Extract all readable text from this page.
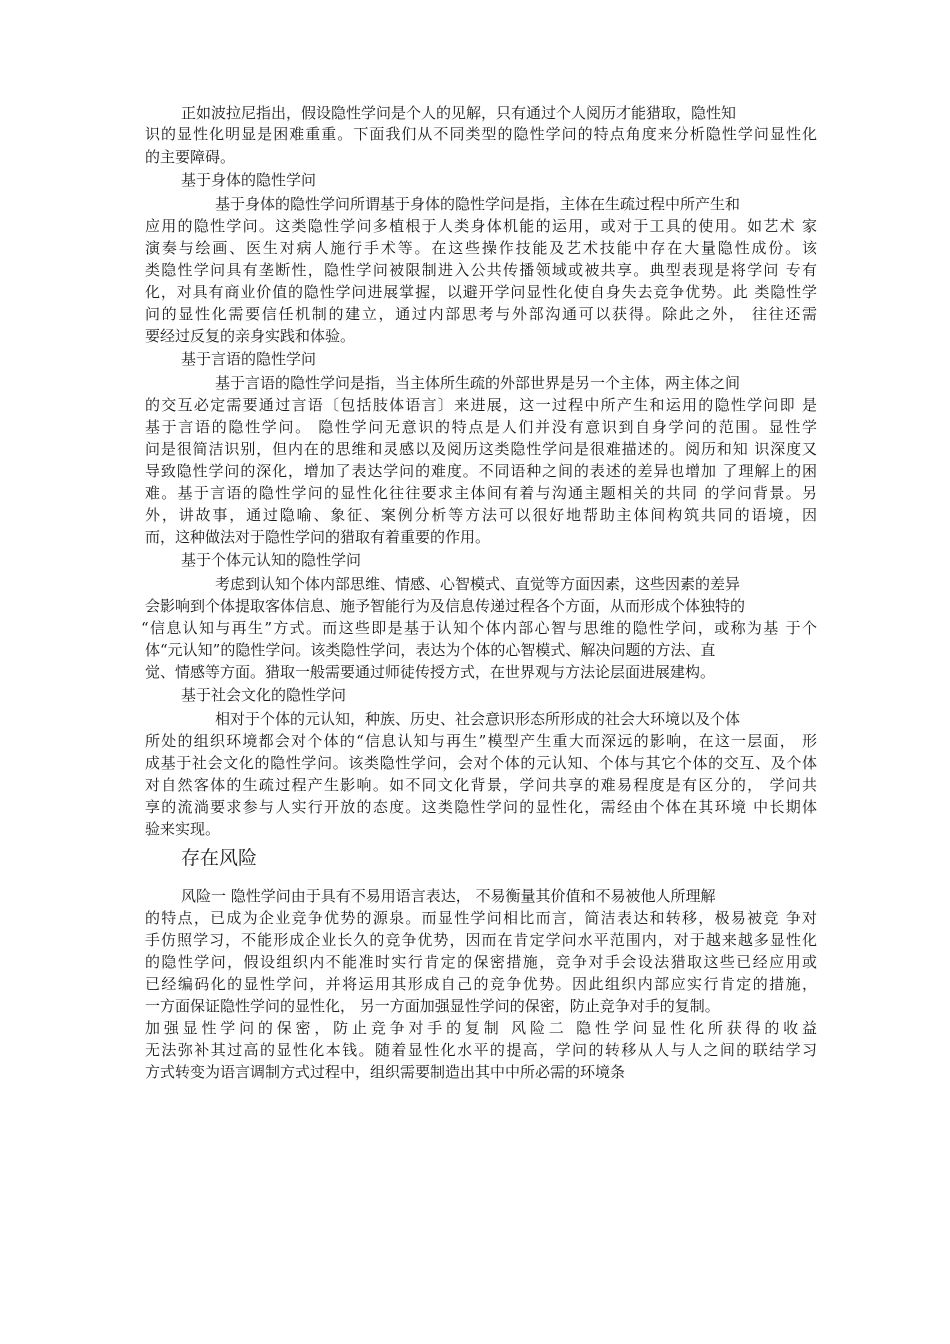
正如波拉尼指出，假设隐性学问是个人的见解，只有通过个人阅历才能猎取，隐性知
识的显性化明显是困难重重。下面我们从不同类型的隐性学问的特点角度来分析隐性学问显性化
的主要障碍。
基于身体的隐性学问
基于身体的隐性学问所谓基于身体的隐性学问是指，主体在生疏过程中所产生和
应用的隐性学问。这类隐性学问多植根于人类身体机能的运用，或对于工具的使用。如艺术 家
演奏与绘画、医生对病人施行手术等。在这些操作技能及艺术技能中存在大量隐性成份。该
类隐性学问具有垄断性，隐性学问被限制进入公共传播领域或被共享。典型表现是将学问 专有
化，对具有商业价值的隐性学问进展掌握，以避开学问显性化使自身失去竞争优势。此 类隐性学
问的显性化需要信任机制的建立，通过内部思考与外部沟通可以获得。除此之外， 往往还需
要经过反复的亲身实践和体验。
基于言语的隐性学问
基于言语的隐性学问是指，当主体所生疏的外部世界是另一个主体，两主体之间
的交互必定需要通过言语〔包括肢体语言〕来进展，这一过程中所产生和运用的隐性学问即 是
基于言语的隐性学问。 隐性学问无意识的特点是人们并没有意识到自身学问的范围。显性学
问是很简洁识别，但内在的思维和灵感以及阅历这类隐性学问是很难描述的。阅历和知 识深度又
导致隐性学问的深化，增加了表达学问的难度。不同语种之间的表述的差异也增加 了理解上的困
难。基于言语的隐性学问的显性化往往要求主体间有着与沟通主题相关的共同 的学问背景。另
外，讲故事，通过隐喻、象征、案例分析等方法可以很好地帮助主体间构筑共同的语境，因
而，这种做法对于隐性学问的猎取有着重要的作用。
基于个体元认知的隐性学问
考虑到认知个体内部思维、情感、心智模式、直觉等方面因素，这些因素的差异
会影响到个体提取客体信息、施予智能行为及信息传递过程各个方面，从而形成个体独特的
“信息认知与再生”方式。而这些即是基于认知个体内部心智与思维的隐性学问，或称为基 于个
体“元认知”的隐性学问。该类隐性学问，表达为个体的心智模式、解决问题的方法、直
觉、情感等方面。猎取一般需要通过师徒传授方式，在世界观与方法论层面进展建构。
基于社会文化的隐性学问
相对于个体的元认知，种族、历史、社会意识形态所形成的社会大环境以及个体
所处的组织环境都会对个体的“信息认知与再生”模型产生重大而深远的影响，在这一层面， 形
成基于社会文化的隐性学问。该类隐性学问，会对个体的元认知、个体与其它个体的交互、及个体
对自然客体的生疏过程产生影响。如不同文化背景，学问共享的难易程度是有区分的， 学问共
享的流淌要求参与人实行开放的态度。这类隐性学问的显性化，需经由个体在其环境 中长期体
验来实现。
存在风险
风险一 隐性学问由于具有不易用语言表达， 不易衡量其价值和不易被他人所理解
的特点，已成为企业竞争优势的源泉。而显性学问相比而言，简洁表达和转移，极易被竞 争对
手仿照学习，不能形成企业长久的竞争优势，因而在肯定学问水平范围内，对于越来越多显性化
的隐性学问，假设组织内不能准时实行肯定的保密措施，竞争对手会设法猎取这些已经应用或
已经编码化的显性学问，并将运用其形成自己的竞争优势。因此组织内部应实行肯定的措施，
一方面保证隐性学问的显性化， 另一方面加强显性学问的保密，防止竞争对手的复制。
加强显性学问的保密，防止竞争对手的复制 风险二 隐性学问显性化所获得的收益
无法弥补其过高的显性化本钱。随着显性化水平的提高，学问的转移从人与人之间的联结学习
方式转变为语言调制方式过程中，组织需要制造出其中中所必需的环境条
